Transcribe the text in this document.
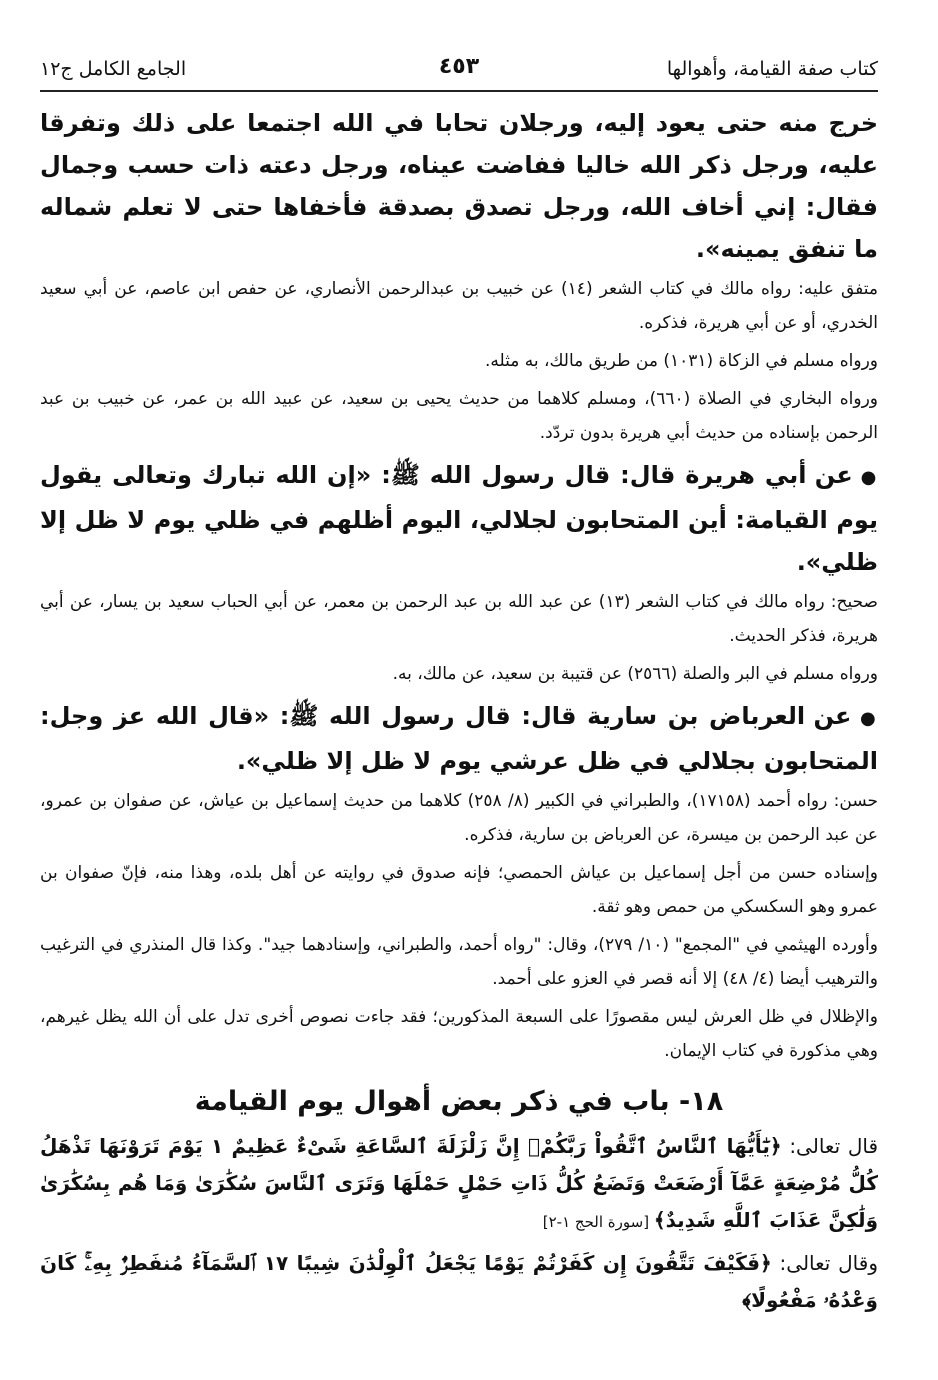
كتاب صفة القيامة، وأهوالها
٤٥٣
الجامع الكامل ج١٢

خرج منه حتى يعود إليه، ورجلان تحابا في الله اجتمعا على ذلك وتفرقا عليه، ورجل ذكر الله خاليا ففاضت عيناه، ورجل دعته ذات حسب وجمال فقال: إني أخاف الله، ورجل تصدق بصدقة فأخفاها حتى لا تعلم شماله ما تنفق يمينه».

متفق عليه: رواه مالك في كتاب الشعر (١٤) عن خبيب بن عبدالرحمن الأنصاري، عن حفص ابن عاصم، عن أبي سعيد الخدري، أو عن أبي هريرة، فذكره.

ورواه مسلم في الزكاة (١٠٣١) من طريق مالك، به مثله.

ورواه البخاري في الصلاة (٦٦٠)، ومسلم كلاهما من حديث يحيى بن سعيد، عن عبيد الله بن عمر، عن خبيب بن عبد الرحمن بإسناده من حديث أبي هريرة بدون تردّد.

● عن أبي هريرة قال: قال رسول الله ﷺ: «إن الله تبارك وتعالى يقول يوم القيامة: أين المتحابون لجلالي، اليوم أظلهم في ظلي يوم لا ظل إلا ظلي».

صحيح: رواه مالك في كتاب الشعر (١٣) عن عبد الله بن عبد الرحمن بن معمر، عن أبي الحباب سعيد بن يسار، عن أبي هريرة، فذكر الحديث.

ورواه مسلم في البر والصلة (٢٥٦٦) عن قتيبة بن سعيد، عن مالك، به.

● عن العرباض بن سارية قال: قال رسول الله ﷺ: «قال الله عز وجل: المتحابون بجلالي في ظل عرشي يوم لا ظل إلا ظلي».

حسن: رواه أحمد (١٧١٥٨)، والطبراني في الكبير (٨/ ٢٥٨) كلاهما من حديث إسماعيل بن عياش، عن صفوان بن عمرو، عن عبد الرحمن بن ميسرة، عن العرباض بن سارية، فذكره.

وإسناده حسن من أجل إسماعيل بن عياش الحمصي؛ فإنه صدوق في روايته عن أهل بلده، وهذا منه، فإنّ صفوان بن عمرو وهو السكسكي من حمص وهو ثقة.

وأورده الهيثمي في "المجمع" (١٠/ ٢٧٩)، وقال: "رواه أحمد، والطبراني، وإسنادهما جيد". وكذا قال المنذري في الترغيب والترهيب أيضا (٤/ ٤٨) إلا أنه قصر في العزو على أحمد.

والإظلال في ظل العرش ليس مقصورًا على السبعة المذكورين؛ فقد جاءت نصوص أخرى تدل على أن الله يظل غيرهم، وهي مذكورة في كتاب الإيمان.

١٨- باب في ذكر بعض أهوال يوم القيامة

قال تعالى: ﴿يَٰٓأَيُّهَا ٱلنَّاسُ ٱتَّقُواْ رَبَّكُمْۚ إِنَّ زَلْزَلَةَ ٱلسَّاعَةِ شَىْءٌ عَظِيمٌ ١ يَوْمَ تَرَوْنَهَا تَذْهَلُ كُلُّ مُرْضِعَةٍ عَمَّآ أَرْضَعَتْ وَتَضَعُ كُلُّ ذَاتِ حَمْلٍ حَمْلَهَا وَتَرَى ٱلنَّاسَ سُكَٰرَىٰ وَمَا هُم بِسُكَٰرَىٰ وَلَٰكِنَّ عَذَابَ ٱللَّهِ شَدِيدٌ﴾ [سورة الحج ١-٢]

وقال تعالى: ﴿فَكَيْفَ تَتَّقُونَ إِن كَفَرْتُمْ يَوْمًا يَجْعَلُ ٱلْوِلْدَٰنَ شِيبًا ١٧ ٱلسَّمَآءُ مُنفَطِرٌۢ بِهِۦۚ كَانَ وَعْدُهُۥ مَفْعُولًا﴾
